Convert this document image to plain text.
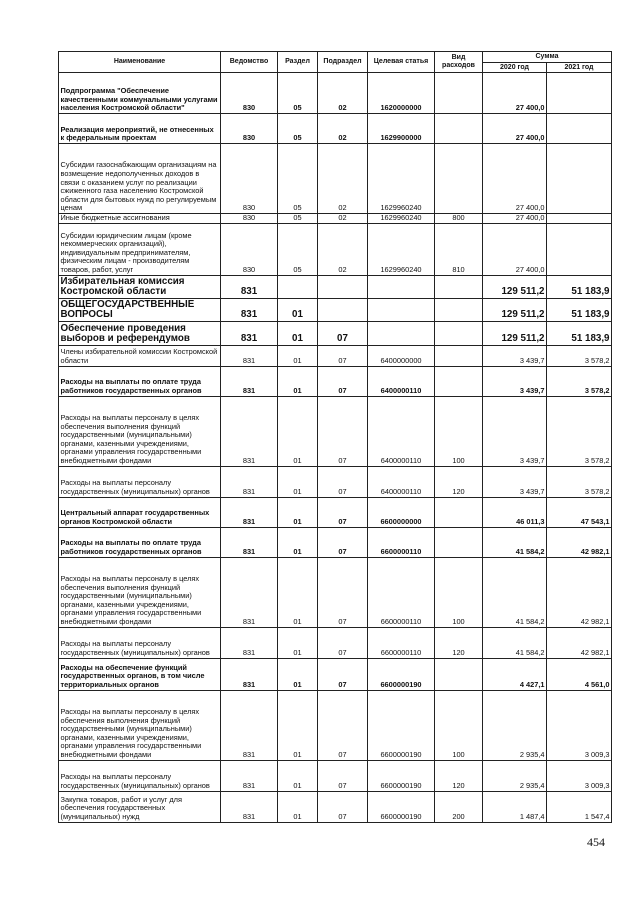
Наименование	Ведомство	Раздел	Подраздел	Целевая статья	Вид расходов	Сумма	
						2020 год	2021 год
Подпрограмма "Обеспечение качественными коммунальными услугами населения Костромской области"	830	05	02	1620000000		27 400,0	
Реализация мероприятий, не отнесенных к федеральным проектам	830	05	02	1629900000		27 400,0	
Субсидии газоснабжающим организациям на возмещение недополученных доходов в связи с оказанием услуг по реализации сжиженного газа населению Костромской области для бытовых нужд по регулируемым ценам	830	05	02	1629960240		27 400,0	
Иные бюджетные ассигнования	830	05	02	1629960240	800	27 400,0	
Субсидии юридическим лицам (кроме некоммерческих организаций), индивидуальным предпринимателям, физическим лицам - производителям товаров, работ, услуг	830	05	02	1629960240	810	27 400,0	
Избирательная комиссия Костромской области	831					129 511,2	51 183,9
ОБЩЕГОСУДАРСТВЕННЫЕ ВОПРОСЫ	831	01				129 511,2	51 183,9
Обеспечение проведения выборов и референдумов	831	01	07			129 511,2	51 183,9
Члены избирательной комиссии Костромской области	831	01	07	6400000000		3 439,7	3 578,2
Расходы на выплаты по оплате труда работников государственных органов	831	01	07	6400000110		3 439,7	3 578,2
Расходы на выплаты персоналу в целях обеспечения выполнения функций государственными (муниципальными) органами, казенными учреждениями, органами управления государственными внебюджетными фондами	831	01	07	6400000110	100	3 439,7	3 578,2
Расходы на выплаты персоналу государственных (муниципальных) органов	831	01	07	6400000110	120	3 439,7	3 578,2
Центральный аппарат государственных органов Костромской области	831	01	07	6600000000		46 011,3	47 543,1
Расходы на выплаты по оплате труда работников государственных органов	831	01	07	6600000110		41 584,2	42 982,1
Расходы на выплаты персоналу в целях обеспечения выполнения функций государственными (муниципальными) органами, казенными учреждениями, органами управления государственными внебюджетными фондами	831	01	07	6600000110	100	41 584,2	42 982,1
Расходы на выплаты персоналу государственных (муниципальных) органов	831	01	07	6600000110	120	41 584,2	42 982,1
Расходы на обеспечение функций государственных органов, в том числе территориальных органов	831	01	07	6600000190		4 427,1	4 561,0
Расходы на выплаты персоналу в целях обеспечения выполнения функций государственными (муниципальными) органами, казенными учреждениями, органами управления государственными внебюджетными фондами	831	01	07	6600000190	100	2 935,4	3 009,3
Расходы на выплаты персоналу государственных (муниципальных) органов	831	01	07	6600000190	120	2 935,4	3 009,3
Закупка товаров, работ и услуг для обеспечения государственных (муниципальных) нужд	831	01	07	6600000190	200	1 487,4	1 547,4
454
